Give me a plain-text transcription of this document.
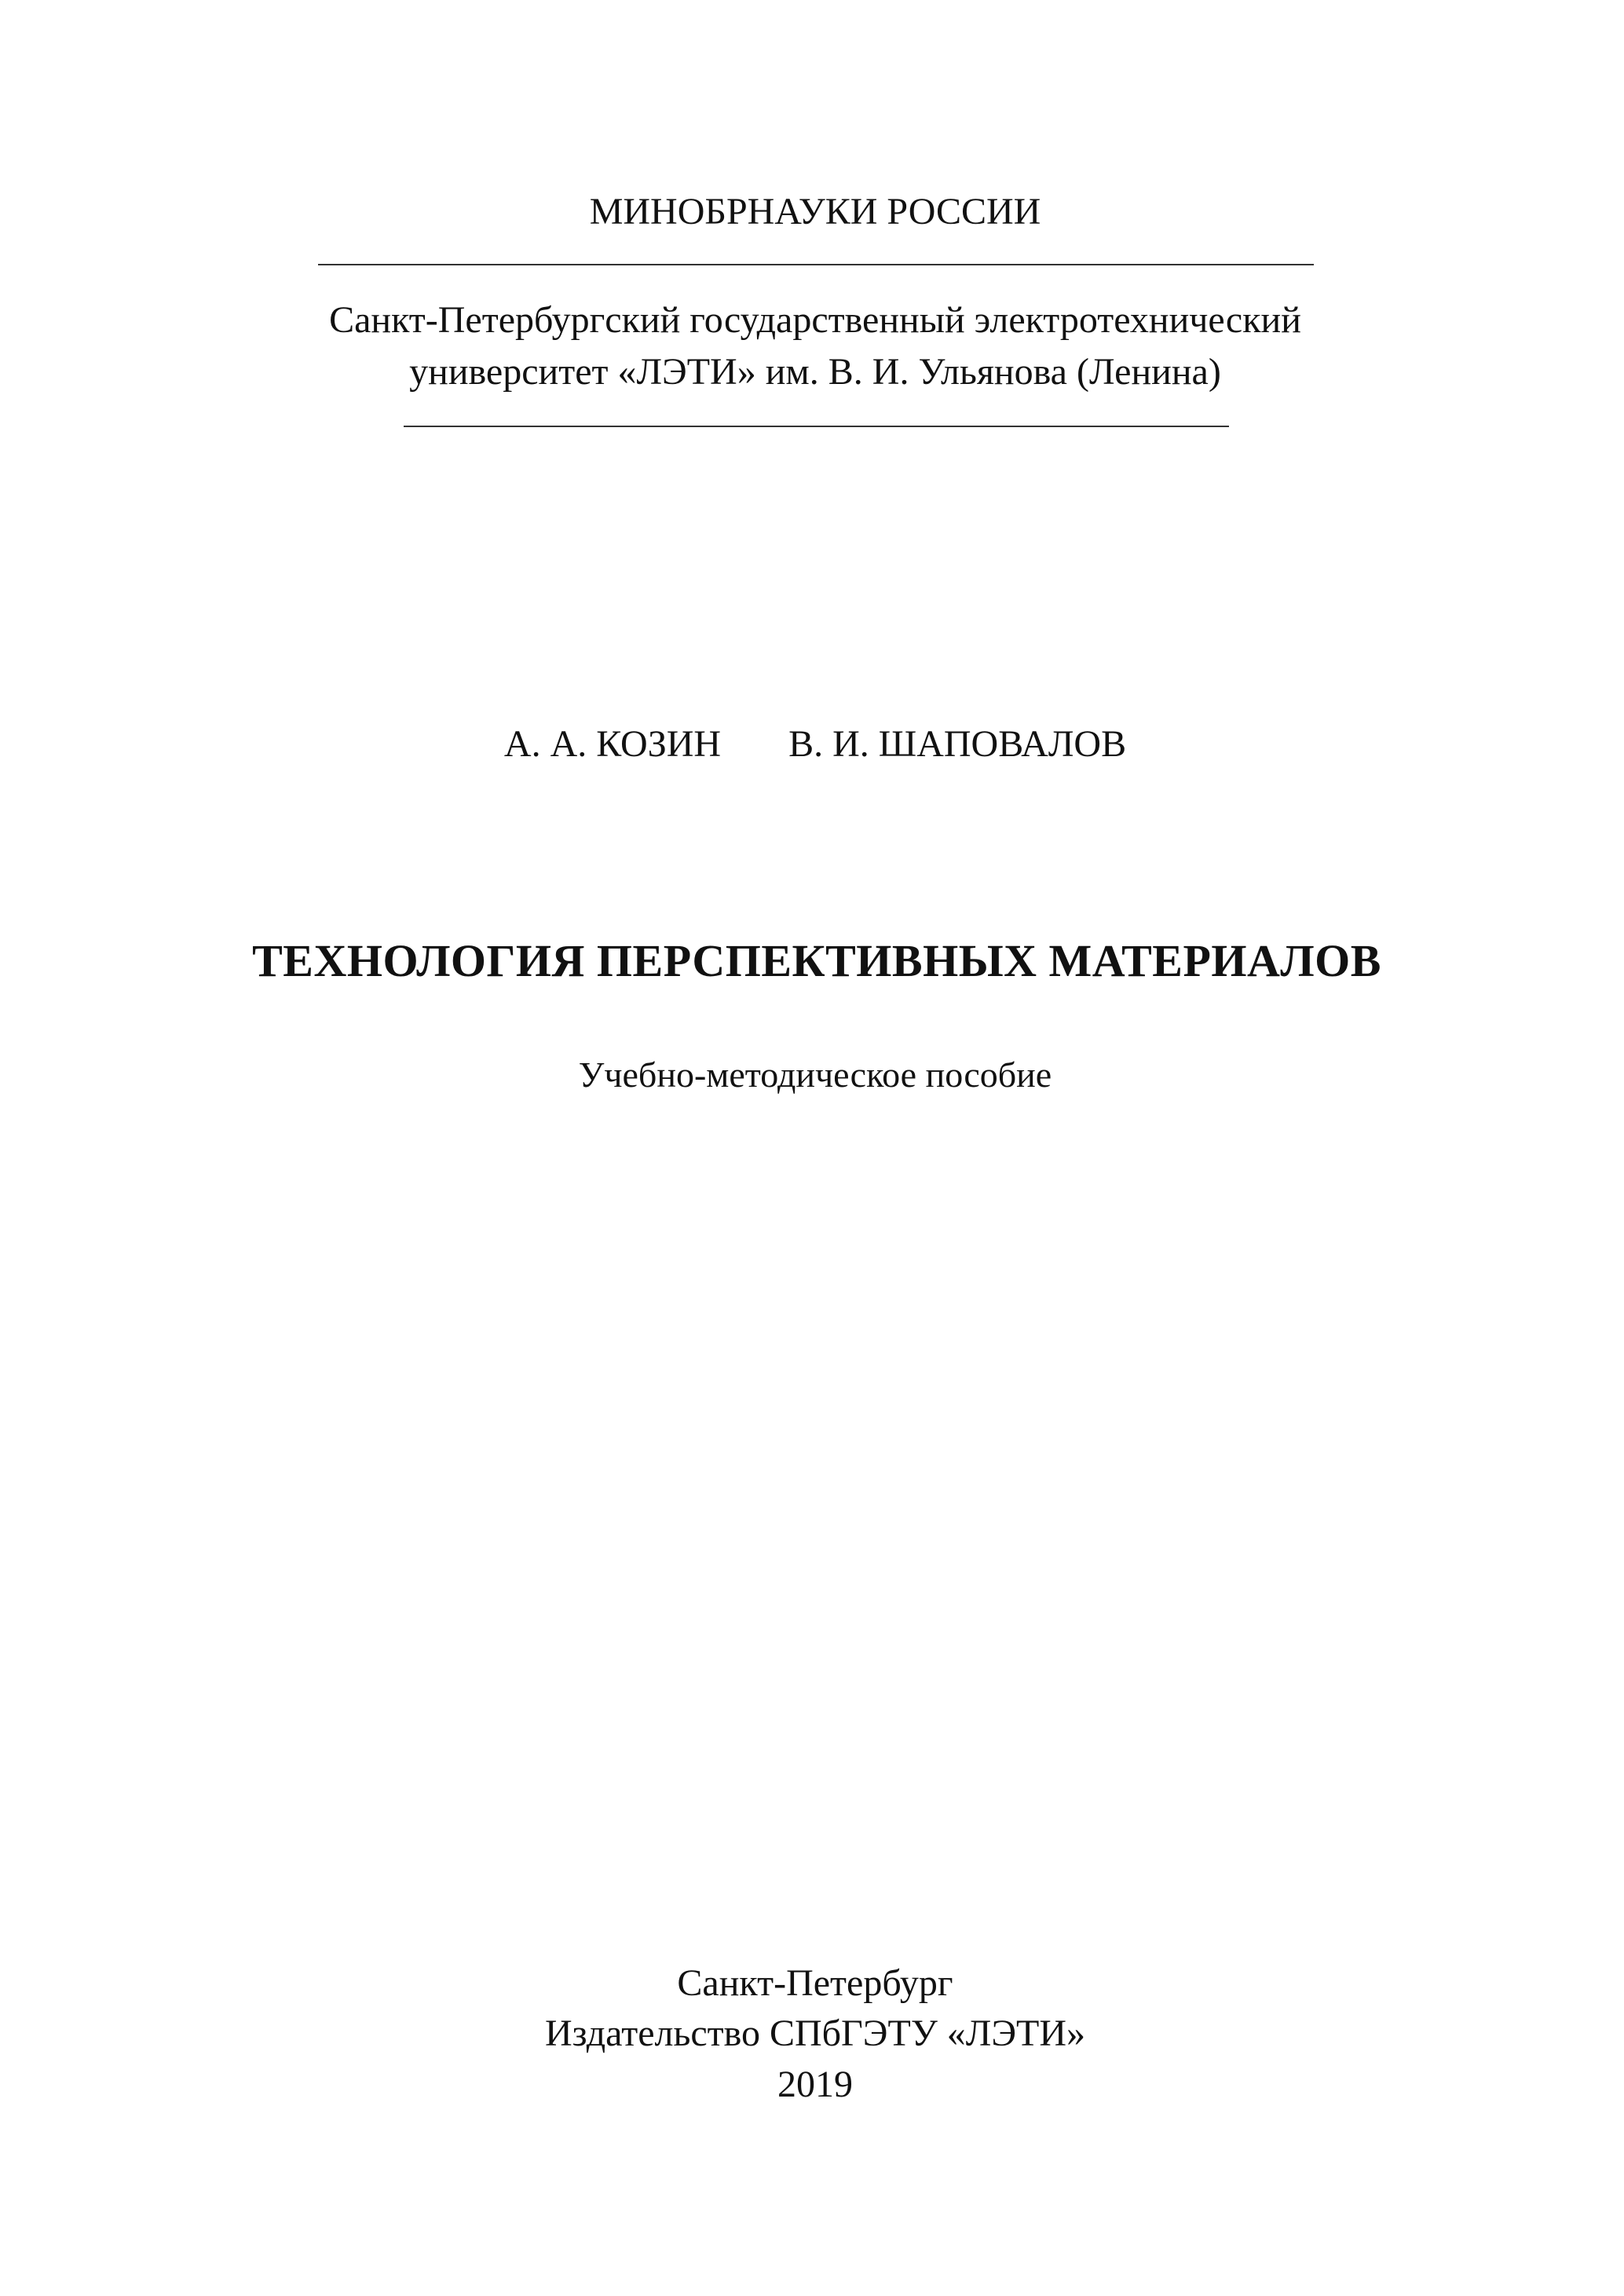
МИНОБРНАУКИ РОССИИ
Санкт-Петербургский государственный электротехнический
университет «ЛЭТИ» им. В. И. Ульянова (Ленина)
А. А. КОЗИН В. И. ШАПОВАЛОВ
ТЕХНОЛОГИЯ ПЕРСПЕКТИВНЫХ МАТЕРИАЛОВ
Учебно-методическое пособие
Санкт-Петербург
Издательство СПбГЭТУ «ЛЭТИ»
2019
